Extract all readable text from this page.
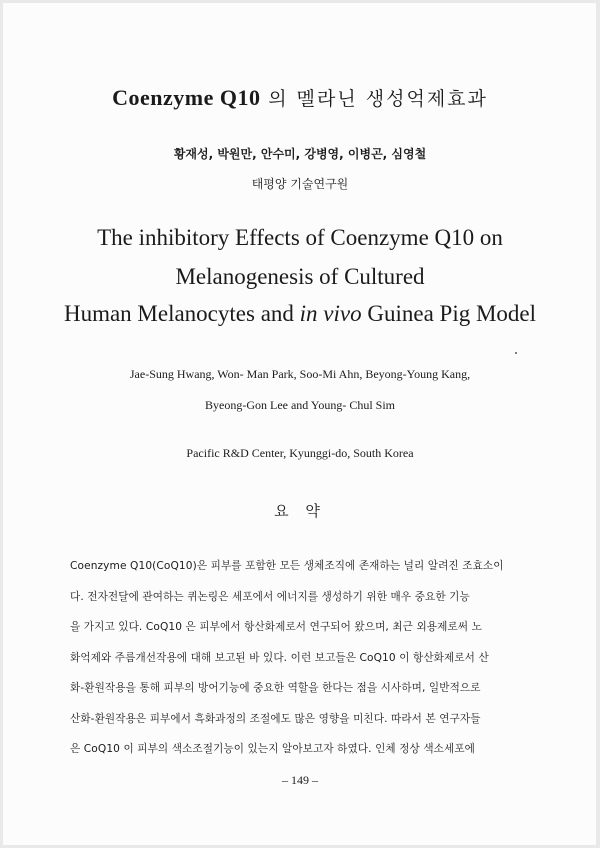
Coenzyme Q10 의 멜라닌 생성억제효과
황재성, 박원만, 안수미, 강병영, 이병곤, 심영철
태평양 기술연구원
The inhibitory Effects of Coenzyme Q10 on
Melanogenesis of Cultured
Human Melanocytes and in vivo Guinea Pig Model
Jae-Sung Hwang, Won- Man Park, Soo-Mi Ahn, Beyong-Young Kang,
Byeong-Gon Lee and Young- Chul Sim
Pacific R&D Center, Kyunggi-do, South Korea
요 약
Coenzyme Q10(CoQ10)은 피부를 포함한 모든 생체조직에 존재하는 널리 알려진 조효소이
다. 전자전달에 관여하는 퀴논링은 세포에서 에너지를 생성하기 위한 매우 중요한 기능
을 가지고 있다. CoQ10 은 피부에서 항산화제로서 연구되어 왔으며, 최근 외용제로써 노
화억제와 주름개선작용에 대해 보고된 바 있다. 이런 보고들은 CoQ10 이 항산화제로서 산
화-환원작용을 통해 피부의 방어기능에 중요한 역할을 한다는 점을 시사하며, 일반적으로
산화-환원작용은 피부에서 흑화과정의 조절에도 많은 영향을 미친다. 따라서 본 연구자들
은 CoQ10 이 피부의 색소조절기능이 있는지 알아보고자 하였다. 인체 정상 색소세포에
– 149 –
